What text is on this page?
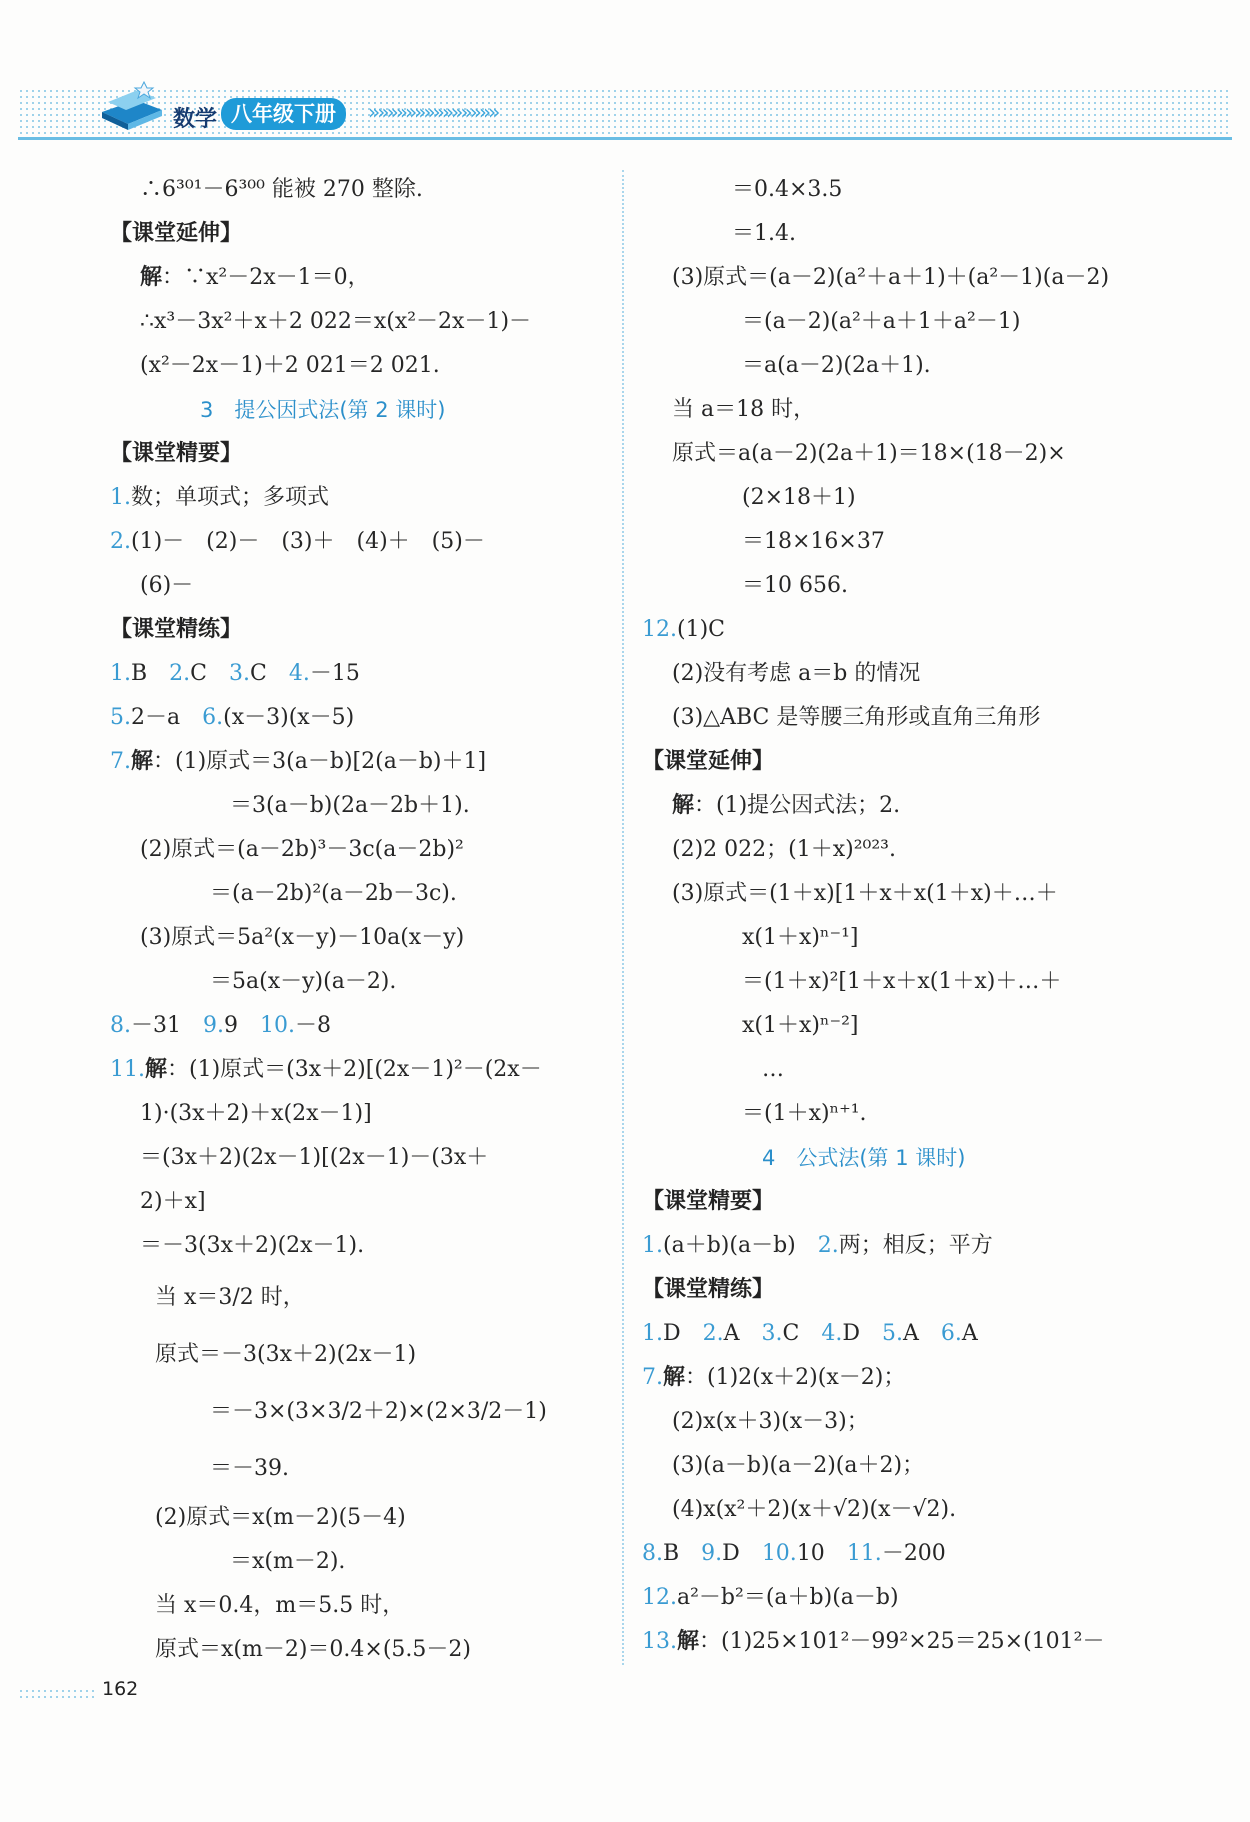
数学 八年级下册	»»»»»»»»»»»»»»
∴6³⁰¹－6³⁰⁰ 能被 270 整除.
【课堂延伸】
解：∵x²－2x－1＝0，
∴x³－3x²＋x＋2 022＝x(x²－2x－1)－
(x²－2x－1)＋2 021＝2 021.
3　提公因式法(第 2 课时)
【课堂精要】
1.数；单项式；多项式
2.(1)－　(2)－　(3)＋　(4)＋　(5)－
(6)－
【课堂精练】
1.B　2.C　3.C　4.－15
5.2－a　6.(x－3)(x－5)
7.解：(1)原式＝3(a－b)[2(a－b)＋1]
＝3(a－b)(2a－2b＋1).
(2)原式＝(a－2b)³－3c(a－2b)²
＝(a－2b)²(a－2b－3c).
(3)原式＝5a²(x－y)－10a(x－y)
＝5a(x－y)(a－2).
8.－31　9.9　10.－8
11.解：(1)原式＝(3x＋2)[(2x－1)²－(2x－
1)·(3x＋2)＋x(2x－1)]
＝(3x＋2)(2x－1)[(2x－1)－(3x＋
2)＋x]
＝－3(3x＋2)(2x－1).
当 x＝3/2 时，
原式＝－3(3x＋2)(2x－1)
＝－3×(3×3/2＋2)×(2×3/2－1)
＝－39.
(2)原式＝x(m－2)(5－4)
＝x(m－2).
当 x＝0.4，m＝5.5 时，
原式＝x(m－2)＝0.4×(5.5－2)
＝0.4×3.5
＝1.4.
(3)原式＝(a－2)(a²＋a＋1)＋(a²－1)(a－2)
＝(a－2)(a²＋a＋1＋a²－1)
＝a(a－2)(2a＋1).
当 a＝18 时，
原式＝a(a－2)(2a＋1)＝18×(18－2)×
(2×18＋1)
＝18×16×37
＝10 656.
12.(1)C
(2)没有考虑 a＝b 的情况
(3)△ABC 是等腰三角形或直角三角形
【课堂延伸】
解：(1)提公因式法；2.
(2)2 022；(1＋x)²⁰²³.
(3)原式＝(1＋x)[1＋x＋x(1＋x)＋…＋
x(1＋x)ⁿ⁻¹]
＝(1＋x)²[1＋x＋x(1＋x)＋…＋
x(1＋x)ⁿ⁻²]
…
＝(1＋x)ⁿ⁺¹.
4　公式法(第 1 课时)
【课堂精要】
1.(a＋b)(a－b)　2.两；相反；平方
【课堂精练】
1.D　2.A　3.C　4.D　5.A　6.A
7.解：(1)2(x＋2)(x－2)；
(2)x(x＋3)(x－3)；
(3)(a－b)(a－2)(a＋2)；
(4)x(x²＋2)(x＋√2)(x－√2).
8.B　9.D　10.10　11.－200
12.a²－b²＝(a＋b)(a－b)
13.解：(1)25×101²－99²×25＝25×(101²－
162
